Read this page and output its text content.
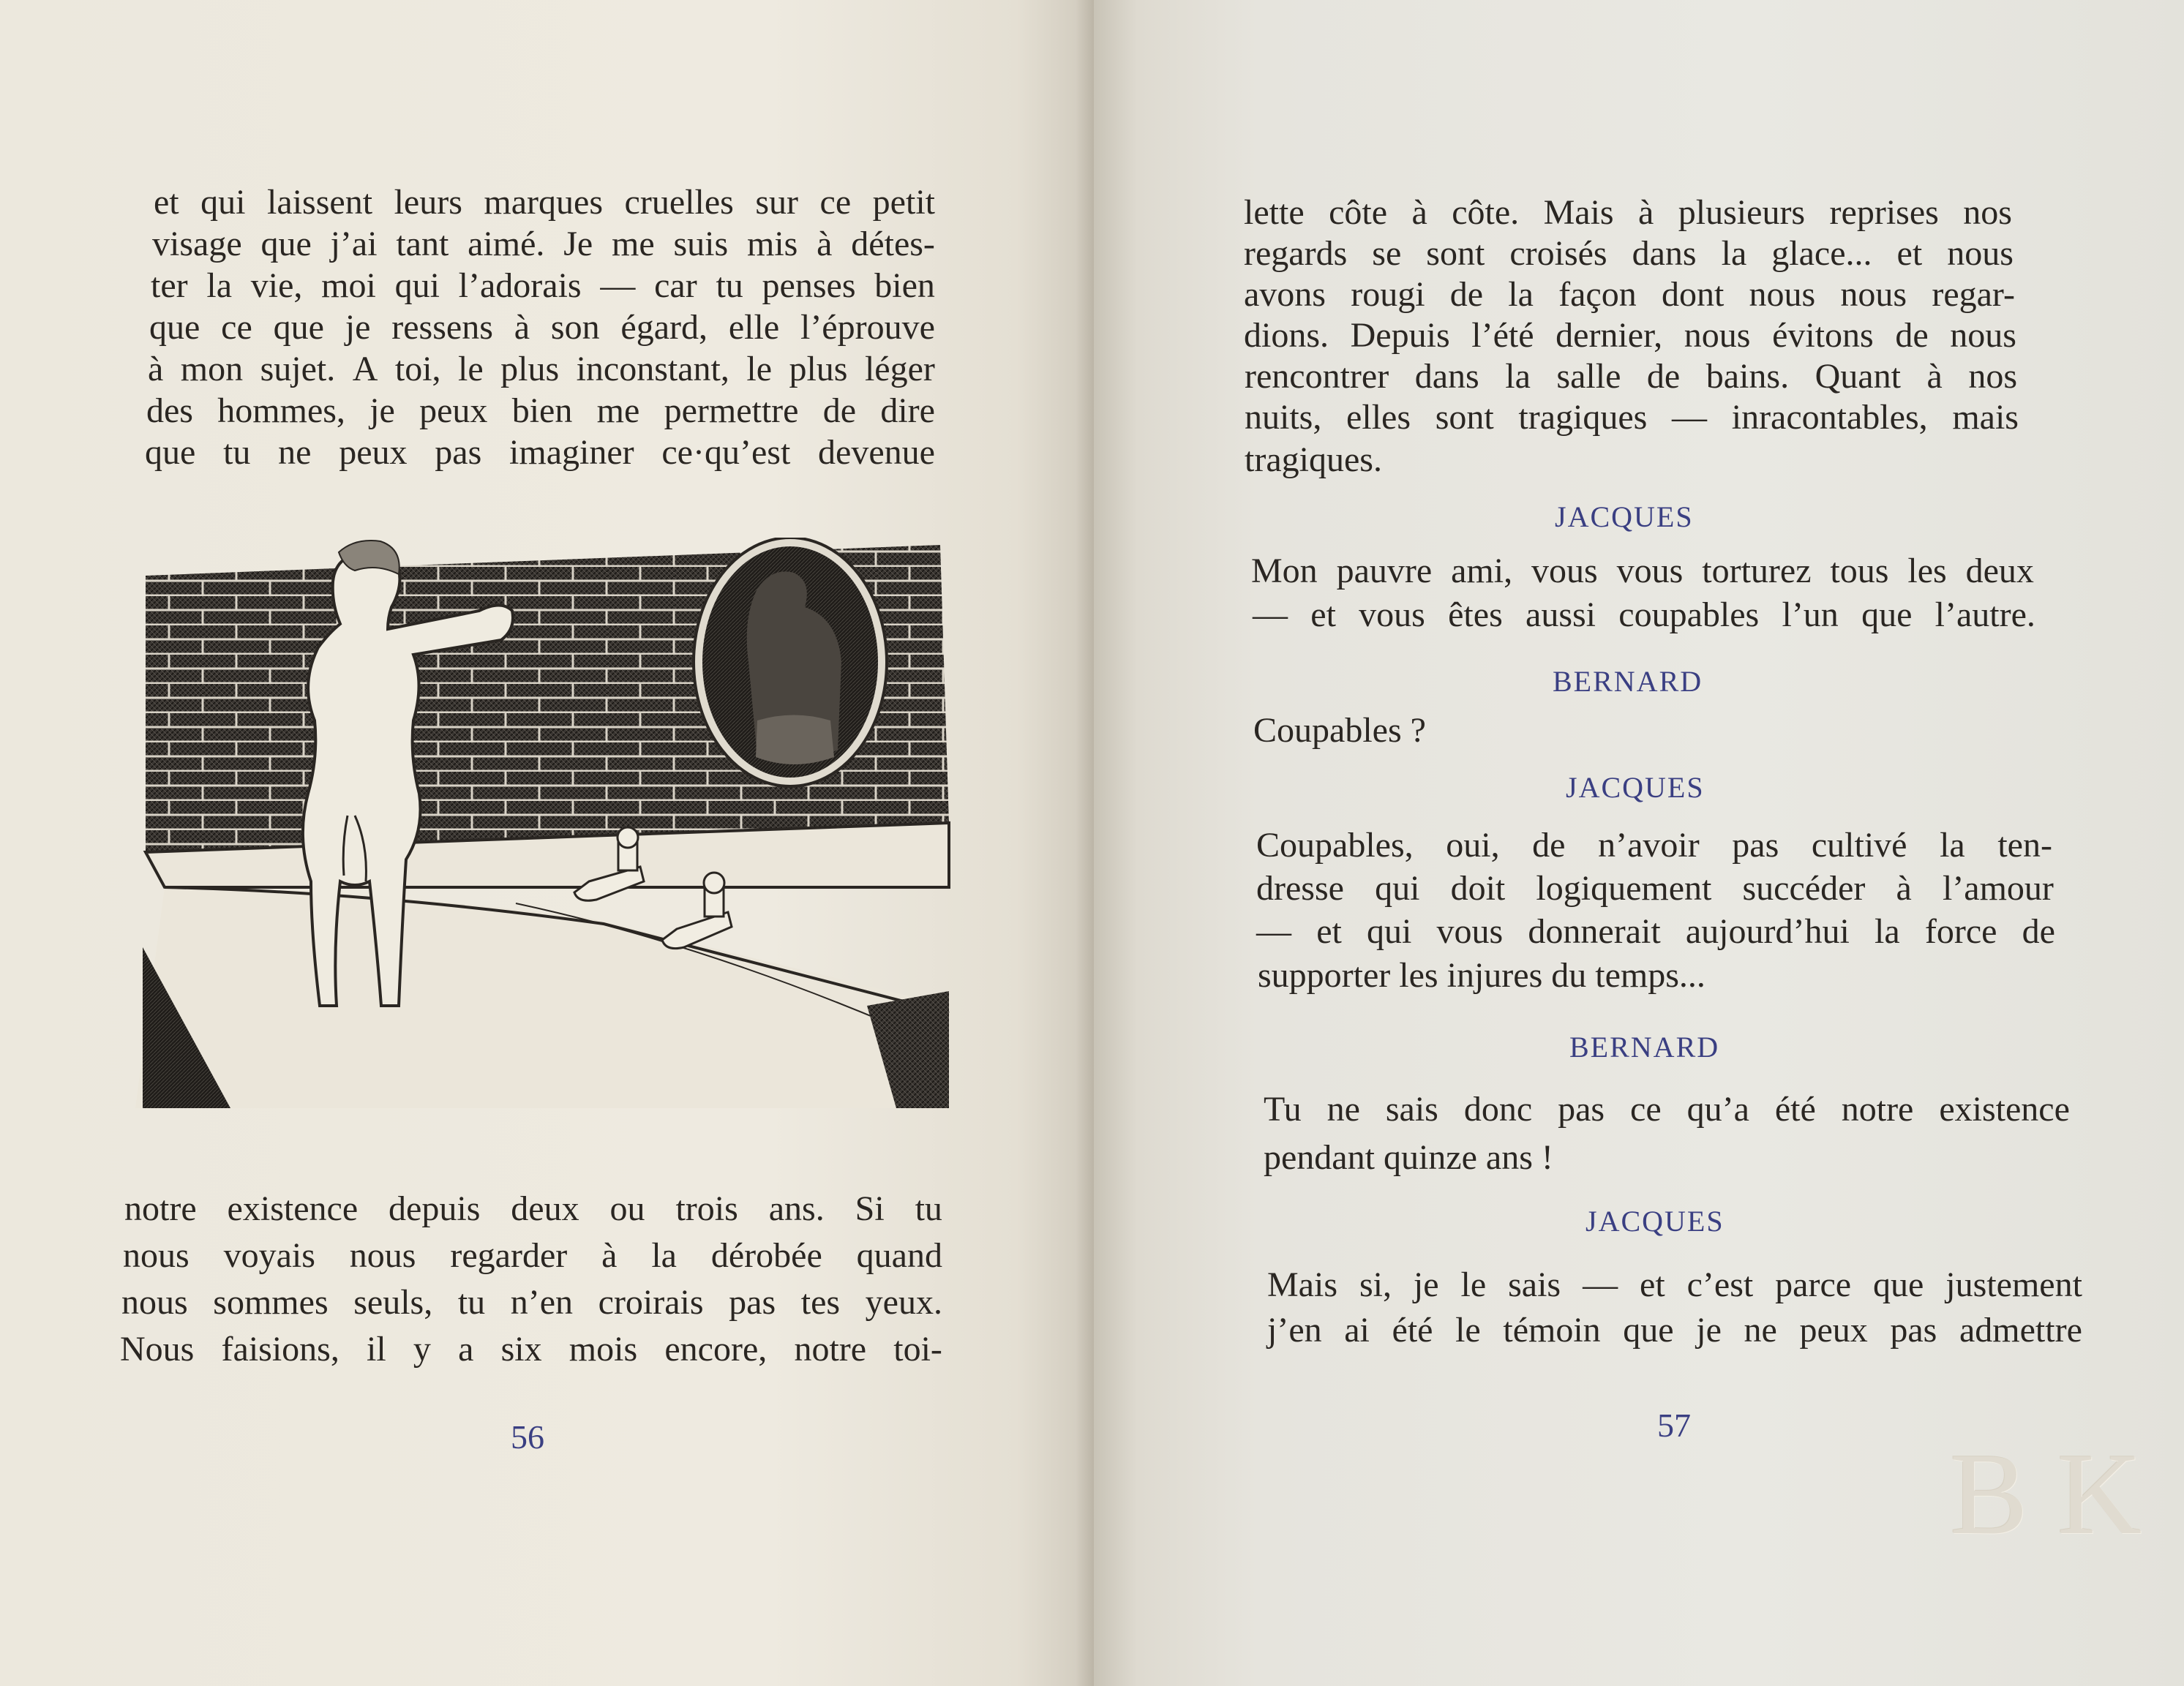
et qui laissent leurs marques cruelles sur ce petit

visage que j’ai tant aimé. Je me suis mis à détes-

ter la vie, moi qui l’adorais — car tu penses bien

que ce que je ressens à son égard, elle l’éprouve

à mon sujet. A toi, le plus inconstant, le plus léger

des hommes, je peux bien me permettre de dire

que tu ne peux pas imaginer ce·qu’est devenue

notre existence depuis deux ou trois ans. Si tu

nous voyais nous regarder à la dérobée quand

nous sommes seuls, tu n’en croirais pas tes yeux.

Nous faisions, il y a six mois encore, notre toi-

56	BK

lette côte à côte. Mais à plusieurs reprises nos

regards se sont croisés dans la glace... et nous

avons rougi de la façon dont nous nous regar-

dions. Depuis l’été dernier, nous évitons de nous

rencontrer dans la salle de bains. Quant à nos

nuits, elles sont tragiques — inracontables, mais

tragiques.

JACQUES

Mon pauvre ami, vous vous torturez tous les deux

— et vous êtes aussi coupables l’un que l’autre.

BERNARD

Coupables ?

JACQUES

Coupables, oui, de n’avoir pas cultivé la ten-

dresse qui doit logiquement succéder à l’amour

— et qui vous donnerait aujourd’hui la force de

supporter les injures du temps...

BERNARD

Tu ne sais donc pas ce qu’a été notre existence

pendant quinze ans !

JACQUES

Mais si, je le sais — et c’est parce que justement

j’en ai été le témoin que je ne peux pas admettre

57
